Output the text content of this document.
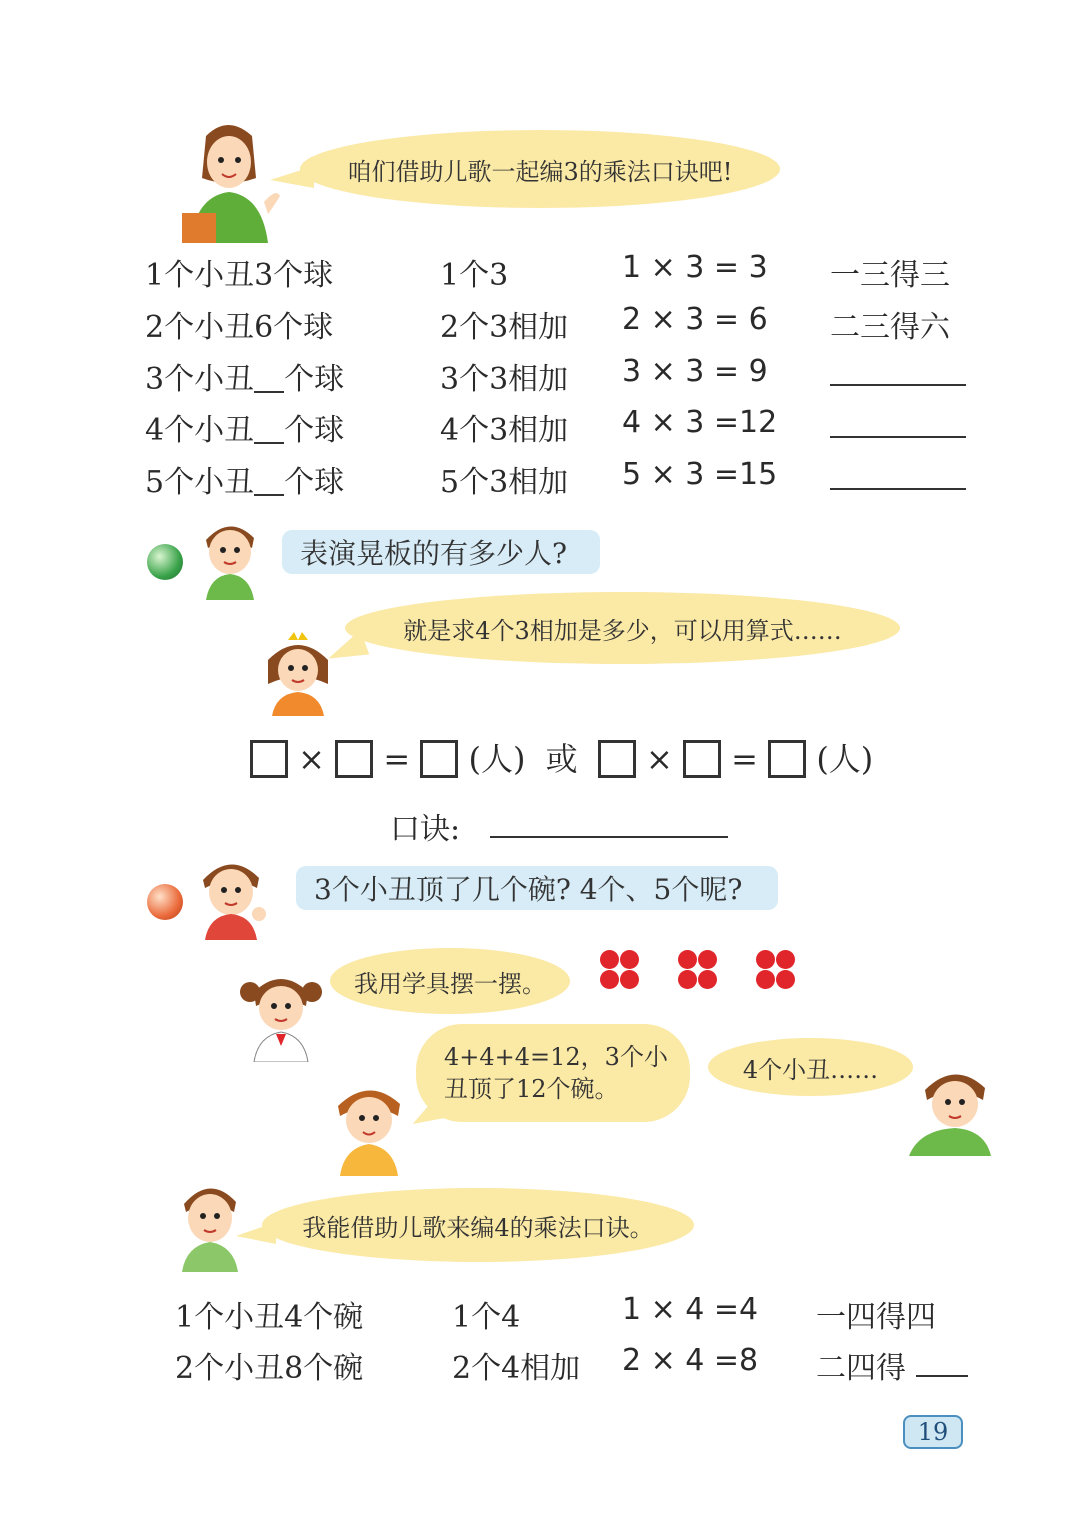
咱们借助儿歌一起编3的乘法口诀吧!
1个小丑3个球	1个3	1 × 3 = 3 一三得三
2个小丑6个球	2个3相加 2 × 3 = 6 二三得六
3个小丑 个球	3个3相加 3 × 3 = 9
4个小丑 个球	4个3相加 4 × 3 =12
5个小丑 个球	5个3相加 5 × 3 =15
表演晃板的有多少人?
就是求4个3相加是多少，可以用算式……
× = (人) 或 × = (人)
口诀:
3个小丑顶了几个碗? 4个、5个呢?
我用学具摆一摆。
4+4+4=12，3个小丑顶了12个碗。
4个小丑……
我能借助儿歌来编4的乘法口诀。
1个小丑4个碗	1个4	1 × 4 =4 一四得四
2个小丑8个碗	2个4相加 2 × 4 =8 二四得
19
